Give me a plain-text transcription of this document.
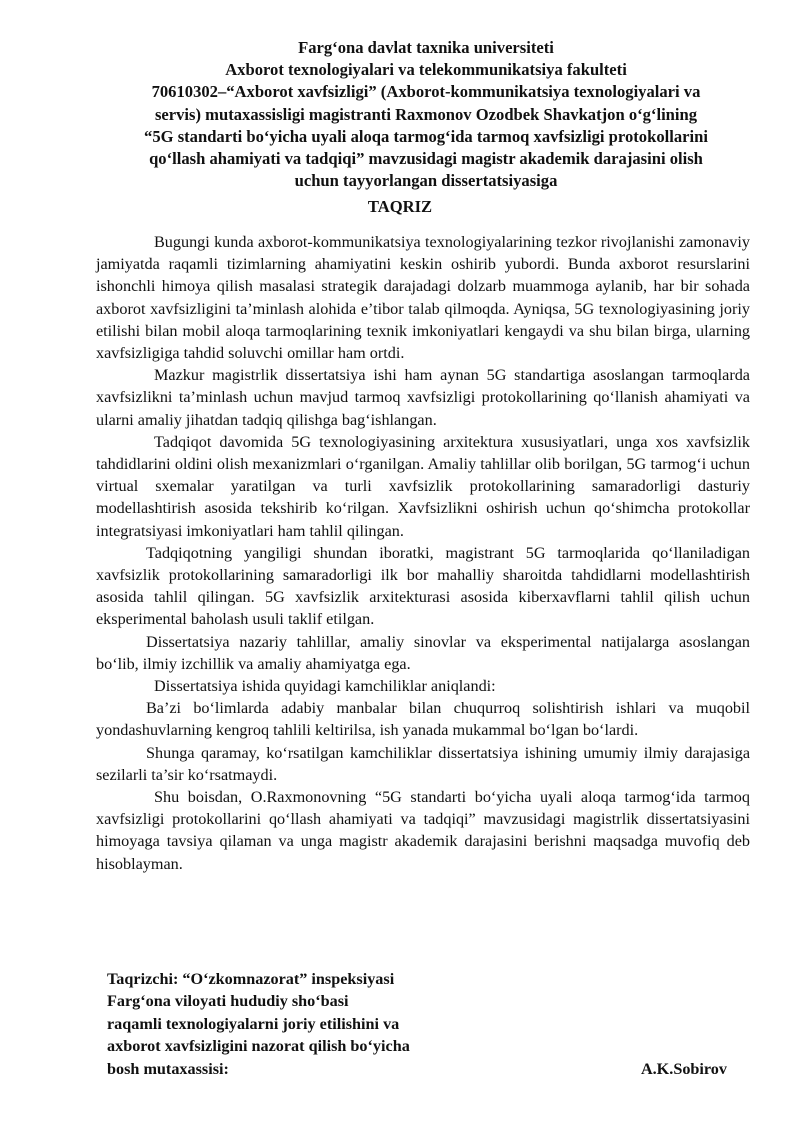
Farg‘ona davlat taxnika universiteti
Axborot texnologiyalari va telekommunikatsiya fakulteti
70610302–“Axborot xavfsizligi” (Axborot-kommunikatsiya texnologiyalari va
servis) mutaxassisligi magistranti Raxmonov Ozodbek Shavkatjon o‘g‘lining
“5G standarti bo‘yicha uyali aloqa tarmog‘ida tarmoq xavfsizligi protokollarini
qo‘llash ahamiyati va tadqiqi” mavzusidagi magistr akademik darajasini olish
uchun tayyorlangan dissertatsiyasiga
TAQRIZ

Bugungi kunda axborot-kommunikatsiya texnologiyalarining tezkor rivojlanishi zamonaviy jamiyatda raqamli tizimlarning ahamiyatini keskin oshirib yubordi. Bunda axborot resurslarini ishonchli himoya qilish masalasi strategik darajadagi dolzarb muammoga aylanib, har bir sohada axborot xavfsizligini ta’minlash alohida e’tibor talab qilmoqda. Ayniqsa, 5G texnologiyasining joriy etilishi bilan mobil aloqa tarmoqlarining texnik imkoniyatlari kengaydi va shu bilan birga, ularning xavfsizligiga tahdid soluvchi omillar ham ortdi.

Mazkur magistrlik dissertatsiya ishi ham aynan 5G standartiga asoslangan tarmoqlarda xavfsizlikni ta’minlash uchun mavjud tarmoq xavfsizligi protokollarining qo‘llanish ahamiyati va ularni amaliy jihatdan tadqiq qilishga bag‘ishlangan.

Tadqiqot davomida 5G texnologiyasining arxitektura xususiyatlari, unga xos xavfsizlik tahdidlarini oldini olish mexanizmlari o‘rganilgan. Amaliy tahlillar olib borilgan, 5G tarmog‘i uchun virtual sxemalar yaratilgan va turli xavfsizlik protokollarining samaradorligi dasturiy modellashtirish asosida tekshirib ko‘rilgan. Xavfsizlikni oshirish uchun qo‘shimcha protokollar integratsiyasi imkoniyatlari ham tahlil qilingan.

Tadqiqotning yangiligi shundan iboratki, magistrant 5G tarmoqlarida qo‘llaniladigan xavfsizlik protokollarining samaradorligi ilk bor mahalliy sharoitda tahdidlarni modellashtirish asosida tahlil qilingan. 5G xavfsizlik arxitekturasi asosida kiberxavflarni tahlil qilish uchun eksperimental baholash usuli taklif etilgan.

Dissertatsiya nazariy tahlillar, amaliy sinovlar va eksperimental natijalarga asoslangan bo‘lib, ilmiy izchillik va amaliy ahamiyatga ega.

Dissertatsiya ishida quyidagi kamchiliklar aniqlandi:

Ba’zi bo‘limlarda adabiy manbalar bilan chuqurroq solishtirish ishlari va muqobil yondashuvlarning kengroq tahlili keltirilsa, ish yanada mukammal bo‘lgan bo‘lardi.

Shunga qaramay, ko‘rsatilgan kamchiliklar dissertatsiya ishining umumiy ilmiy darajasiga sezilarli ta’sir ko‘rsatmaydi.

Shu boisdan, O.Raxmonovning “5G standarti bo‘yicha uyali aloqa tarmog‘ida tarmoq xavfsizligi protokollarini qo‘llash ahamiyati va tadqiqi” mavzusidagi magistrlik dissertatsiyasini himoyaga tavsiya qilaman va unga magistr akademik darajasini berishni maqsadga muvofiq deb hisoblayman.

Taqrizchi: “O‘zkomnazorat” inspeksiyasi
Farg‘ona viloyati hududiy sho‘basi
raqamli texnologiyalarni joriy etilishini va
axborot xavfsizligini nazorat qilish bo‘yicha
bosh mutaxassisi:	A.K.Sobirov
